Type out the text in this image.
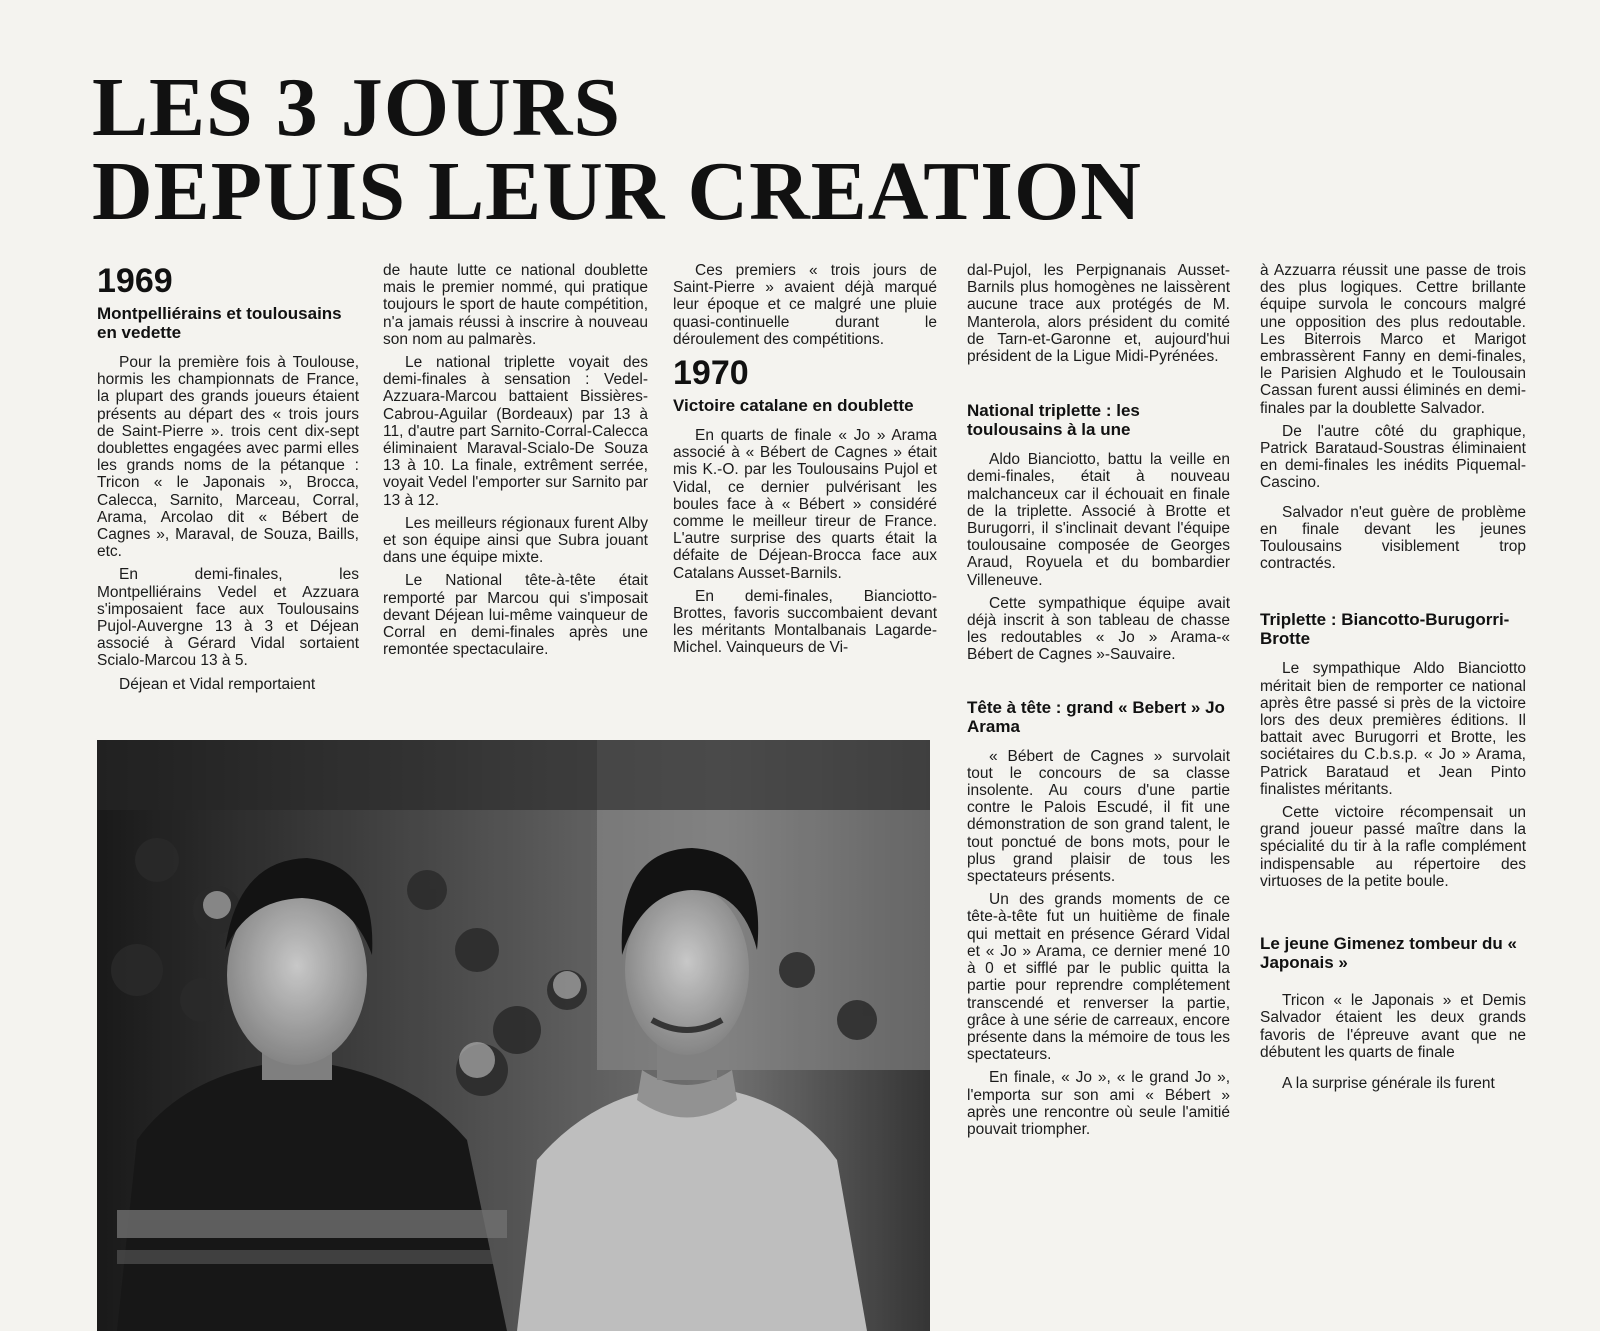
LES 3 JOURS
DEPUIS LEUR CREATION
1969
Montpelliérains et toulousains en vedette

Pour la première fois à Toulouse, hormis les championnats de France, la plupart des grands joueurs étaient présents au départ des « trois jours de Saint-Pierre ». trois cent dix-sept doublettes engagées avec parmi elles les grands noms de la pétanque : Tricon « le Japonais », Brocca, Calecca, Sarnito, Marceau, Corral, Arama, Arcolao dit « Bébert de Cagnes », Maraval, de Souza, Baills, etc.

En demi-finales, les Montpelliérains Vedel et Azzuara s'imposaient face aux Toulousains Pujol-Auvergne 13 à 3 et Déjean associé à Gérard Vidal sortaient Scialo-Marcou 13 à 5.

Déjean et Vidal remportaient

de haute lutte ce national doublette mais le premier nommé, qui pratique toujours le sport de haute compétition, n'a jamais réussi à inscrire à nouveau son nom au palmarès.

Le national triplette voyait des demi-finales à sensation : Vedel-Azzuara-Marcou battaient Bissières-Cabrou-Aguilar (Bordeaux) par 13 à 11, d'autre part Sarnito-Corral-Calecca éliminaient Maraval-Scialo-De Souza 13 à 10. La finale, extrêment serrée, voyait Vedel l'emporter sur Sarnito par 13 à 12.

Les meilleurs régionaux furent Alby et son équipe ainsi que Subra jouant dans une équipe mixte.

Le National tête-à-tête était remporté par Marcou qui s'imposait devant Déjean lui-même vainqueur de Corral en demi-finales après une remontée spectaculaire.

Ces premiers « trois jours de Saint-Pierre » avaient déjà marqué leur époque et ce malgré une pluie quasi-continuelle durant le déroulement des compétitions.

1970
Victoire catalane en doublette

En quarts de finale « Jo » Arama associé à « Bébert de Cagnes » était mis K.-O. par les Toulousains Pujol et Vidal, ce dernier pulvérisant les boules face à « Bébert » considéré comme le meilleur tireur de France. L'autre surprise des quarts était la défaite de Déjean-Brocca face aux Catalans Ausset-Barnils.

En demi-finales, Bianciotto-Brottes, favoris succombaient devant les méritants Montalbanais Lagarde-Michel. Vainqueurs de Vi-

dal-Pujol, les Perpignanais Ausset-Barnils plus homogènes ne laissèrent aucune trace aux protégés de M. Manterola, alors président du comité de Tarn-et-Garonne et, aujourd'hui président de la Ligue Midi-Pyrénées.

National triplette : les toulousains à la une

Aldo Bianciotto, battu la veille en demi-finales, était à nouveau malchanceux car il échouait en finale de la triplette. Associé à Brotte et Burugorri, il s'inclinait devant l'équipe toulousaine composée de Georges Araud, Royuela et du bombardier Villeneuve.

Cette sympathique équipe avait déjà inscrit à son tableau de chasse les redoutables « Jo » Arama-« Bébert de Cagnes »-Sauvaire.

Tête à tête : grand « Bebert » Jo Arama

« Bébert de Cagnes » survolait tout le concours de sa classe insolente. Au cours d'une partie contre le Palois Escudé, il fit une démonstration de son grand talent, le tout ponctué de bons mots, pour le plus grand plaisir de tous les spectateurs présents.

Un des grands moments de ce tête-à-tête fut un huitième de finale qui mettait en présence Gérard Vidal et « Jo » Arama, ce dernier mené 10 à 0 et sifflé par le public quitta la partie pour reprendre complétement transcendé et renverser la partie, grâce à une série de carreaux, encore présente dans la mémoire de tous les spectateurs.

En finale, « Jo », « le grand Jo », l'emporta sur son ami « Bébert » après une rencontre où seule l'amitié pouvait triompher.

à Azzuarra réussit une passe de trois des plus logiques. Cettre brillante équipe survola le concours malgré une opposition des plus redoutable. Les Biterrois Marco et Marigot embrassèrent Fanny en demi-finales, le Parisien Alghudo et le Toulousain Cassan furent aussi éliminés en demi-finales par la doublette Salvador.

De l'autre côté du graphique, Patrick Barataud-Soustras éliminaient en demi-finales les inédits Piquemal-Cascino.

Salvador n'eut guère de problème en finale devant les jeunes Toulousains visiblement trop contractés.

Triplette : Biancotto-Burugorri-Brotte

Le sympathique Aldo Bianciotto méritait bien de remporter ce national après être passé si près de la victoire lors des deux premières éditions. Il battait avec Burugorri et Brotte, les sociétaires du C.b.s.p. « Jo » Arama, Patrick Barataud et Jean Pinto finalistes méritants.

Cette victoire récompensait un grand joueur passé maître dans la spécialité du tir à la rafle complément indispensable au répertoire des virtuoses de la petite boule.

Le jeune Gimenez tombeur du « Japonais »

Tricon « le Japonais » et Demis Salvador étaient les deux grands favoris de l'épreuve avant que ne débutent les quarts de finale

A la surprise générale ils furent
